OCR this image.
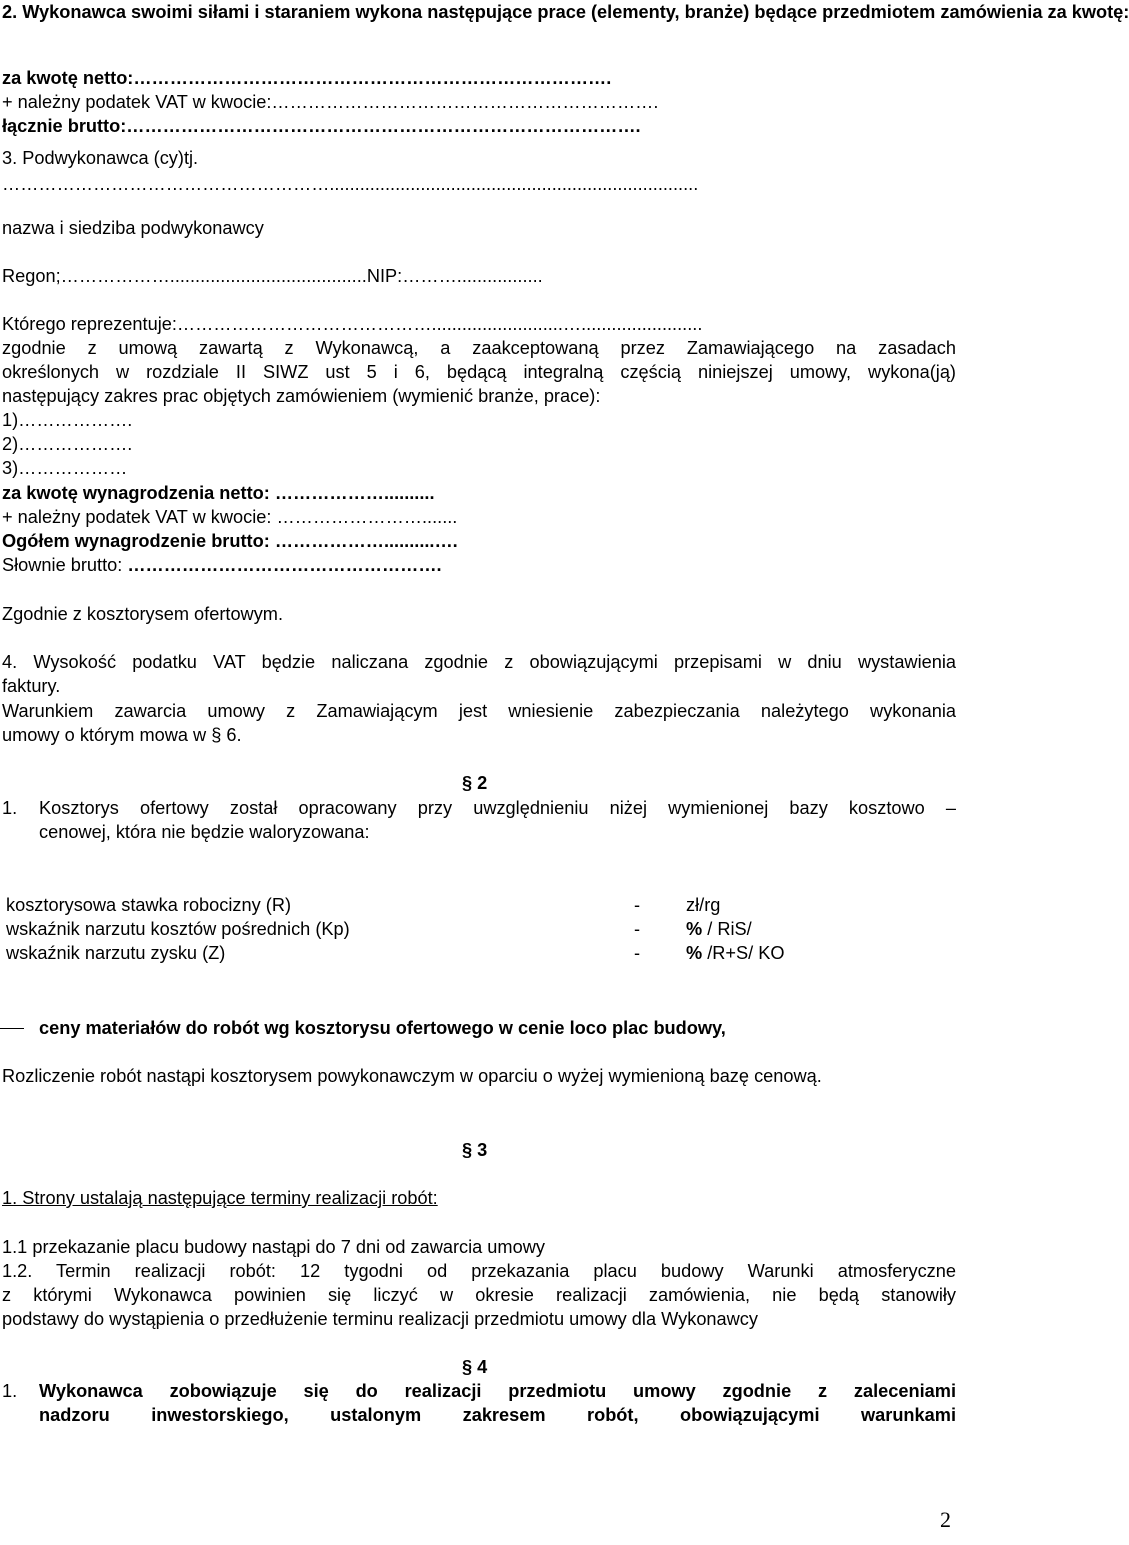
2. Wykonawca swoimi siłami i staraniem wykona następujące prace (elementy, branże) będące przedmiotem zamówienia za kwotę:
za kwotę netto:…………………………………………………………………….
+ należny podatek VAT w kwocie:……………………………………………………….
łącznie brutto:………………………………………………………………………….
3. Podwykonawca (cy)tj.
……………………………………………….........................................................................
nazwa i siedziba podwykonawcy
Regon;……………….......................................NIP:……….................
Którego reprezentuje:……………………………………..........................…........................
zgodnie z umową zawartą z Wykonawcą, a zaakceptowaną przez Zamawiającego na zasadach
określonych w rozdziale II SIWZ ust 5 i 6, będącą integralną częścią niniejszej umowy, wykona(ją)
następujący zakres prac objętych zamówieniem (wymienić branże, prace):
1)……………….
2)……………….
3)………………
za kwotę wynagrodzenia netto: ………………..........
+ należny podatek VAT w kwocie: …………………….......
Ogółem wynagrodzenie brutto: ………………..........….
Słownie brutto: …………………………………………….
Zgodnie z kosztorysem ofertowym.
4. Wysokość podatku VAT będzie naliczana zgodnie z obowiązującymi przepisami w dniu wystawienia
faktury.
Warunkiem zawarcia umowy z Zamawiającym jest wniesienie zabezpieczania należytego wykonania
umowy o którym mowa w § 6.
§ 2
1. Kosztorys ofertowy został opracowany przy uwzględnieniu niżej wymienionej bazy kosztowo –
cenowej, która nie będzie waloryzowana:
kosztorysowa stawka robocizny (R)	-	zł/rg
wskaźnik narzutu kosztów pośrednich (Kp)	-	% / RiS/
wskaźnik narzutu zysku (Z)	-	% /R+S/ KO
ceny materiałów do robót wg kosztorysu ofertowego w cenie loco plac budowy,
Rozliczenie robót nastąpi kosztorysem powykonawczym w oparciu o wyżej wymienioną bazę cenową.
§ 3
1. Strony ustalają następujące terminy realizacji robót:
1.1 przekazanie placu budowy nastąpi do 7 dni od zawarcia umowy
1.2. Termin realizacji robót: 12 tygodni od przekazania placu budowy Warunki atmosferyczne
z którymi Wykonawca powinien się liczyć w okresie realizacji zamówienia, nie będą stanowiły
podstawy do wystąpienia o przedłużenie terminu realizacji przedmiotu umowy dla Wykonawcy
§ 4
1. Wykonawca zobowiązuje się do realizacji przedmiotu umowy zgodnie z zaleceniami
nadzoru inwestorskiego, ustalonym zakresem robót, obowiązującymi warunkami
2
